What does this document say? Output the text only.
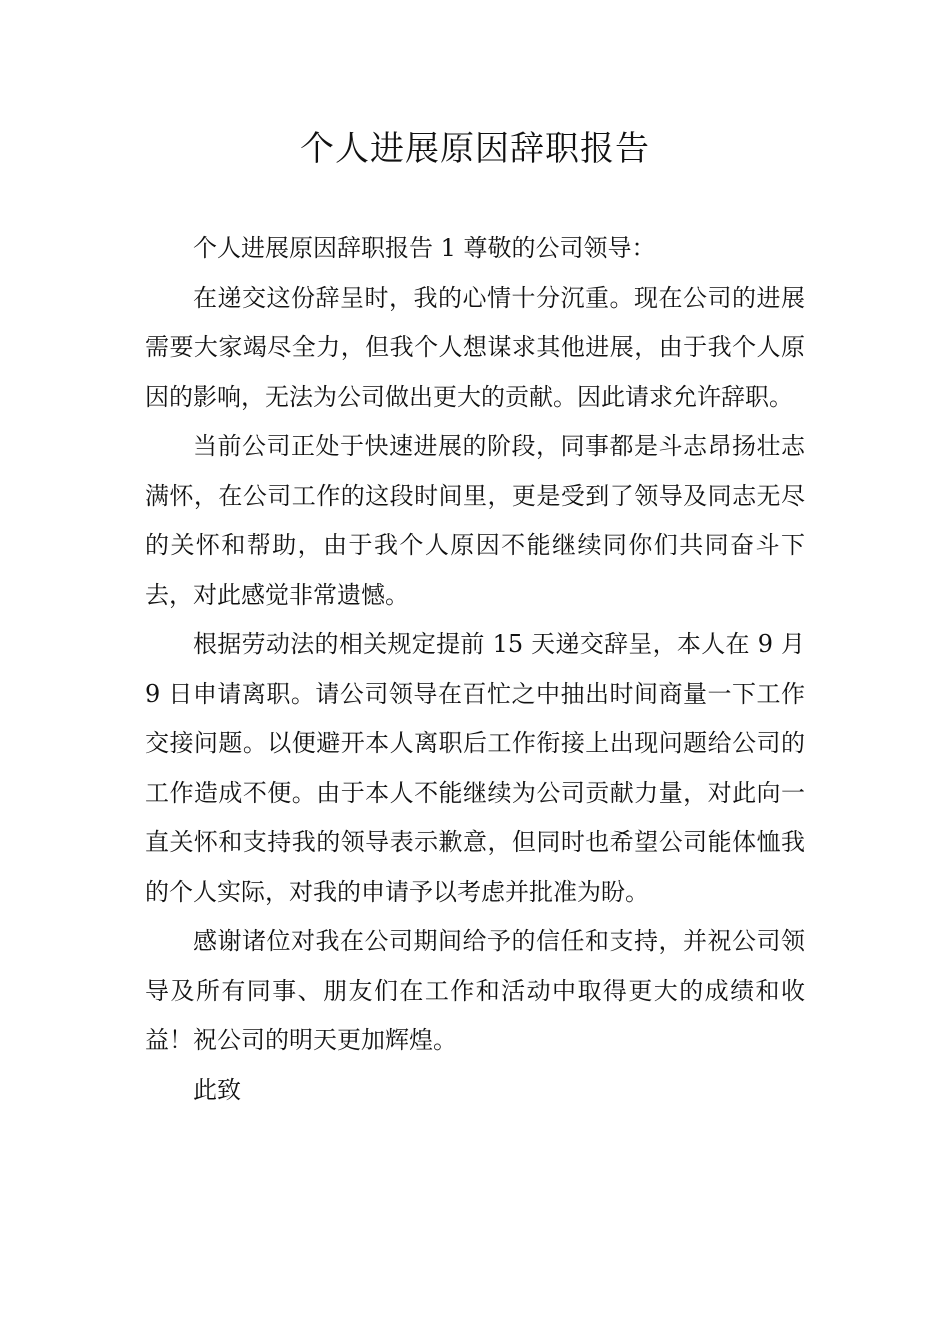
个人进展原因辞职报告

个人进展原因辞职报告 1 尊敬的公司领导：

在递交这份辞呈时，我的心情十分沉重。现在公司的进展需要大家竭尽全力，但我个人想谋求其他进展，由于我个人原因的影响，无法为公司做出更大的贡献。因此请求允许辞职。

当前公司正处于快速进展的阶段，同事都是斗志昂扬壮志满怀，在公司工作的这段时间里，更是受到了领导及同志无尽的关怀和帮助，由于我个人原因不能继续同你们共同奋斗下去，对此感觉非常遗憾。

根据劳动法的相关规定提前 15 天递交辞呈，本人在 9 月 9 日申请离职。请公司领导在百忙之中抽出时间商量一下工作交接问题。以便避开本人离职后工作衔接上出现问题给公司的工作造成不便。由于本人不能继续为公司贡献力量，对此向一直关怀和支持我的领导表示歉意，但同时也希望公司能体恤我的个人实际，对我的申请予以考虑并批准为盼。

感谢诸位对我在公司期间给予的信任和支持，并祝公司领导及所有同事、朋友们在工作和活动中取得更大的成绩和收益！祝公司的明天更加辉煌。

此致
